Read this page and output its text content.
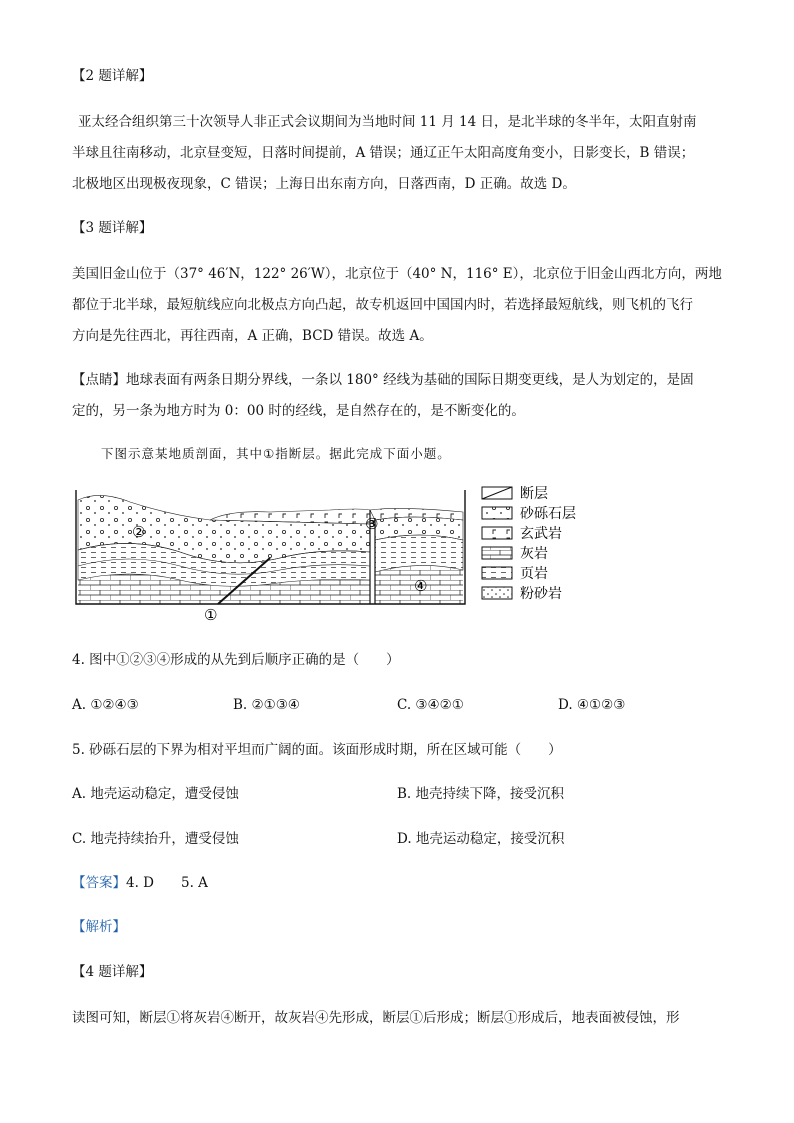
【2 题详解】
亚太经合组织第三十次领导人非正式会议期间为当地时间 11 月 14 日，是北半球的冬半年，太阳直射南
半球且往南移动，北京昼变短，日落时间提前，A 错误；通辽正午太阳高度角变小，日影变长，B 错误；
北极地区出现极夜现象，C 错误；上海日出东南方向，日落西南，D 正确。故选 D。
【3 题详解】
美国旧金山位于（37° 46′N，122° 26′W），北京位于（40° N，116° E），北京位于旧金山西北方向，两地
都位于北半球，最短航线应向北极点方向凸起，故专机返回中国国内时，若选择最短航线，则飞机的飞行
方向是先往西北，再往西南，A 正确，BCD 错误。故选 A。
【点睛】地球表面有两条日期分界线，一条以 180° 经线为基础的国际日期变更线，是人为划定的，是固
定的，另一条为地方时为 0：00 时的经线，是自然存在的，是不断变化的。
下图示意某地质剖面，其中①指断层。据此完成下面小题。
①
②	③
④
断层
砂砾石层
玄武岩
灰岩
页岩
粉砂岩
4. 图中①②③④形成的从先到后顺序正确的是（　　）
A. ①②④③	B. ②①③④	C. ③④②①	D. ④①②③
5. 砂砾石层的下界为相对平坦而广阔的面。该面形成时期，所在区域可能（　　）
A. 地壳运动稳定，遭受侵蚀	B. 地壳持续下降，接受沉积
C. 地壳持续抬升，遭受侵蚀	D. 地壳运动稳定，接受沉积
【答案】4. D　　5. A
【解析】
【4 题详解】
读图可知，断层①将灰岩④断开，故灰岩④先形成，断层①后形成；断层①形成后，地表面被侵蚀，形
